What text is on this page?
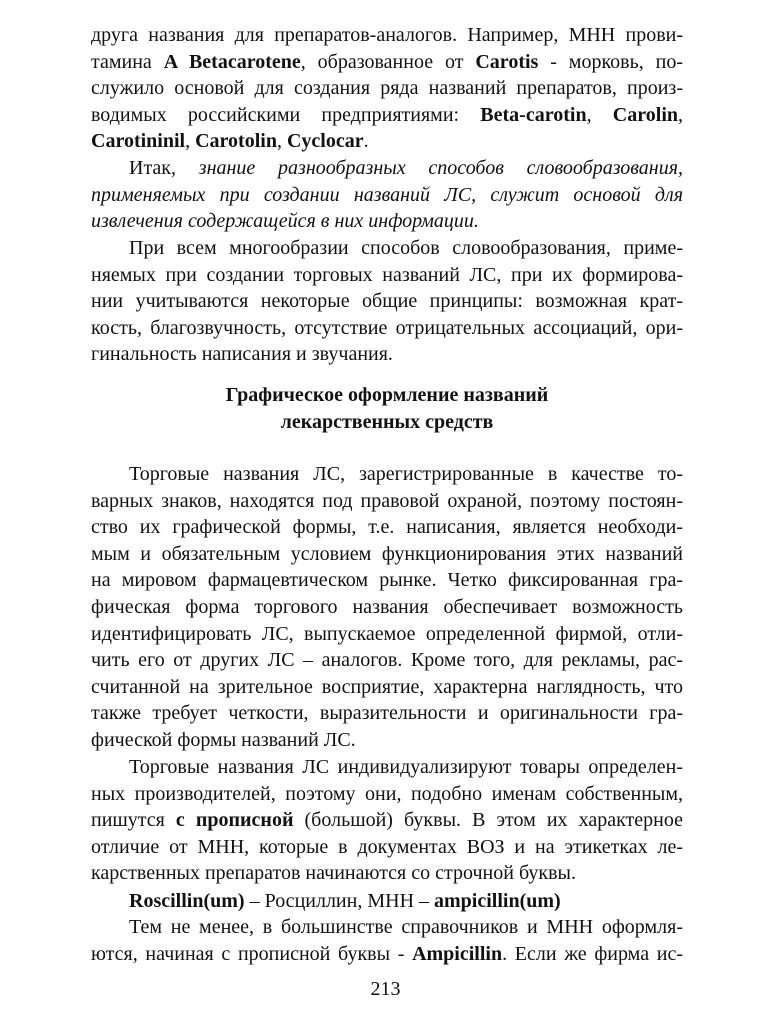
друга названия для препаратов-аналогов. Например, МНН прови-
тамина A Betacarotene, образованное от Carotis - морковь, по-
служило основой для создания ряда названий препаратов, произ-
водимых российскими предприятиями: Beta-carotin, Carolin,
Carotininil, Carotolin, Cyclocar.
Итак, знание разнообразных способов словообразования,
применяемых при создании названий ЛС, служит основой для
извлечения содержащейся в них информации.
При всем многообразии способов словообразования, приме-
няемых при создании торговых названий ЛС, при их формирова-
нии учитываются некоторые общие принципы: возможная крат-
кость, благозвучность, отсутствие отрицательных ассоциаций, ори-
гинальность написания и звучания.
Графическое оформление названий
лекарственных средств
Торговые названия ЛС, зарегистрированные в качестве то-
варных знаков, находятся под правовой охраной, поэтому постоян-
ство их графической формы, т.е. написания, является необходи-
мым и обязательным условием функционирования этих названий
на мировом фармацевтическом рынке. Четко фиксированная гра-
фическая форма торгового названия обеспечивает возможность
идентифицировать ЛС, выпускаемое определенной фирмой, отли-
чить его от других ЛС – аналогов. Кроме того, для рекламы, рас-
считанной на зрительное восприятие, характерна наглядность, что
также требует четкости, выразительности и оригинальности гра-
фической формы названий ЛС.
Торговые названия ЛС индивидуализируют товары определен-
ных производителей, поэтому они, подобно именам собственным,
пишутся с прописной (большой) буквы. В этом их характерное
отличие от МНН, которые в документах ВОЗ и на этикетках ле-
карственных препаратов начинаются со строчной буквы.
Roscillin(um) – Росциллин, МНН – ampicillin(um)
Тем не менее, в большинстве справочников и МНН оформля-
ются, начиная с прописной буквы - Ampicillin. Если же фирма ис-
213
